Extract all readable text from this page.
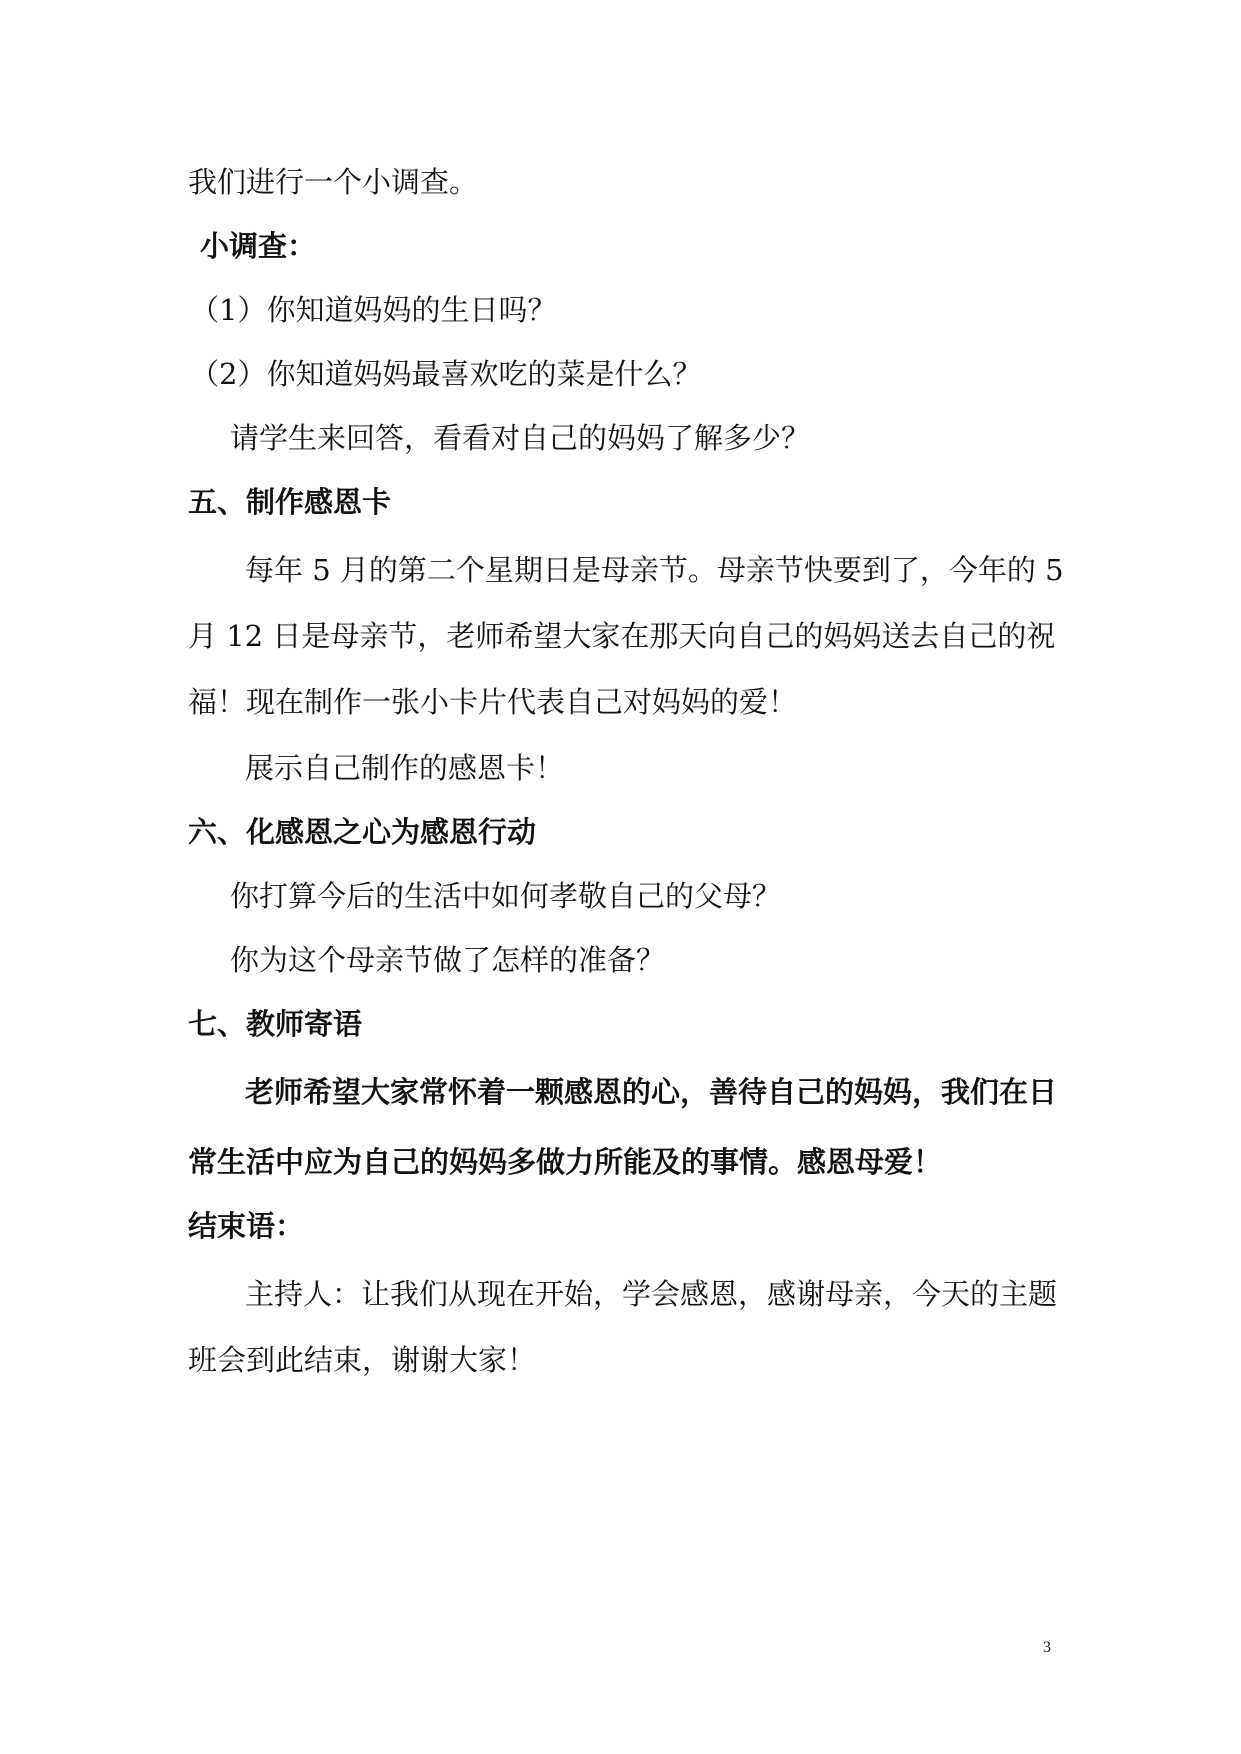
我们进行一个小调查。
小调查：
（1）你知道妈妈的生日吗？
（2）你知道妈妈最喜欢吃的菜是什么？
请学生来回答，看看对自己的妈妈了解多少？
五、制作感恩卡
每年 5 月的第二个星期日是母亲节。母亲节快要到了，今年的 5
月 12 日是母亲节，老师希望大家在那天向自己的妈妈送去自己的祝
福！现在制作一张小卡片代表自己对妈妈的爱！
展示自己制作的感恩卡！
六、化感恩之心为感恩行动
你打算今后的生活中如何孝敬自己的父母？
你为这个母亲节做了怎样的准备？
七、教师寄语
老师希望大家常怀着一颗感恩的心，善待自己的妈妈，我们在日
常生活中应为自己的妈妈多做力所能及的事情。感恩母爱！
结束语：
主持人：让我们从现在开始，学会感恩，感谢母亲，今天的主题
班会到此结束，谢谢大家！
3
